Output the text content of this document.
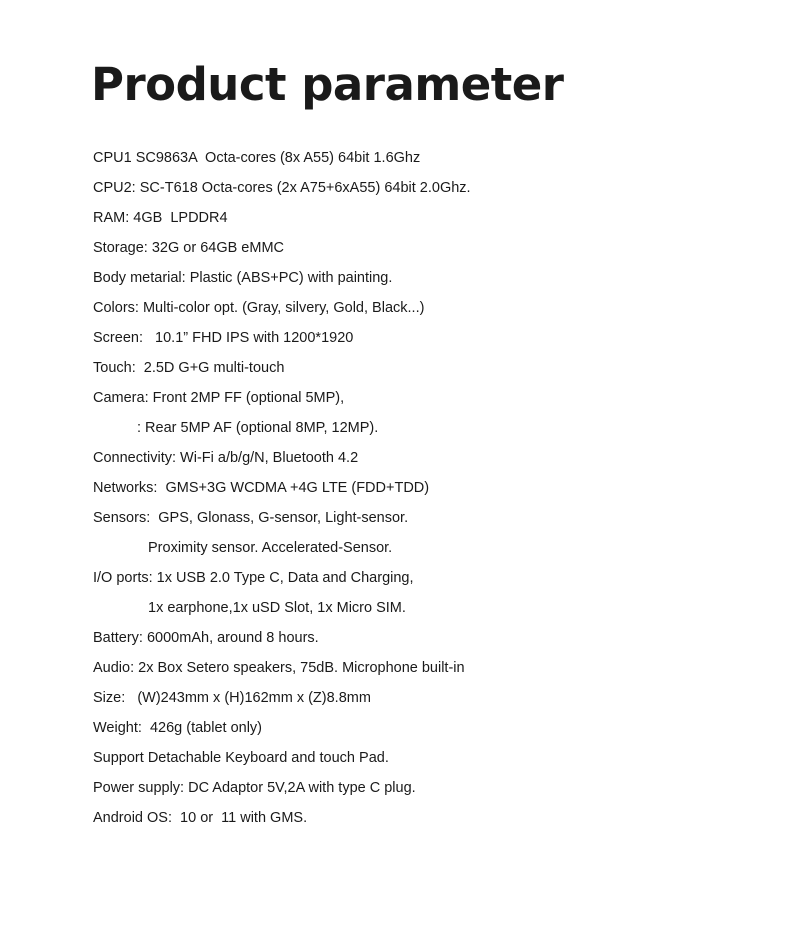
Product parameter
CPU1 SC9863A  Octa-cores (8x A55) 64bit 1.6Ghz
CPU2: SC-T618 Octa-cores (2x A75+6xA55) 64bit 2.0Ghz.
RAM: 4GB  LPDDR4
Storage: 32G or 64GB eMMC
Body metarial: Plastic (ABS+PC) with painting.
Colors: Multi-color opt. (Gray, silvery, Gold, Black...)
Screen:   10.1” FHD IPS with 1200*1920
Touch:  2.5D G+G multi-touch
Camera: Front 2MP FF (optional 5MP),
: Rear 5MP AF (optional 8MP, 12MP).
Connectivity: Wi-Fi a/b/g/N, Bluetooth 4.2
Networks:  GMS+3G WCDMA +4G LTE (FDD+TDD)
Sensors:  GPS, Glonass, G-sensor, Light-sensor.
Proximity sensor. Accelerated-Sensor.
I/O ports: 1x USB 2.0 Type C, Data and Charging,
1x earphone,1x uSD Slot, 1x Micro SIM.
Battery: 6000mAh, around 8 hours.
Audio: 2x Box Setero speakers, 75dB. Microphone built-in
Size:   (W)243mm x (H)162mm x (Z)8.8mm
Weight:  426g (tablet only)
Support Detachable Keyboard and touch Pad.
Power supply: DC Adaptor 5V,2A with type C plug.
Android OS:  10 or  11 with GMS.
